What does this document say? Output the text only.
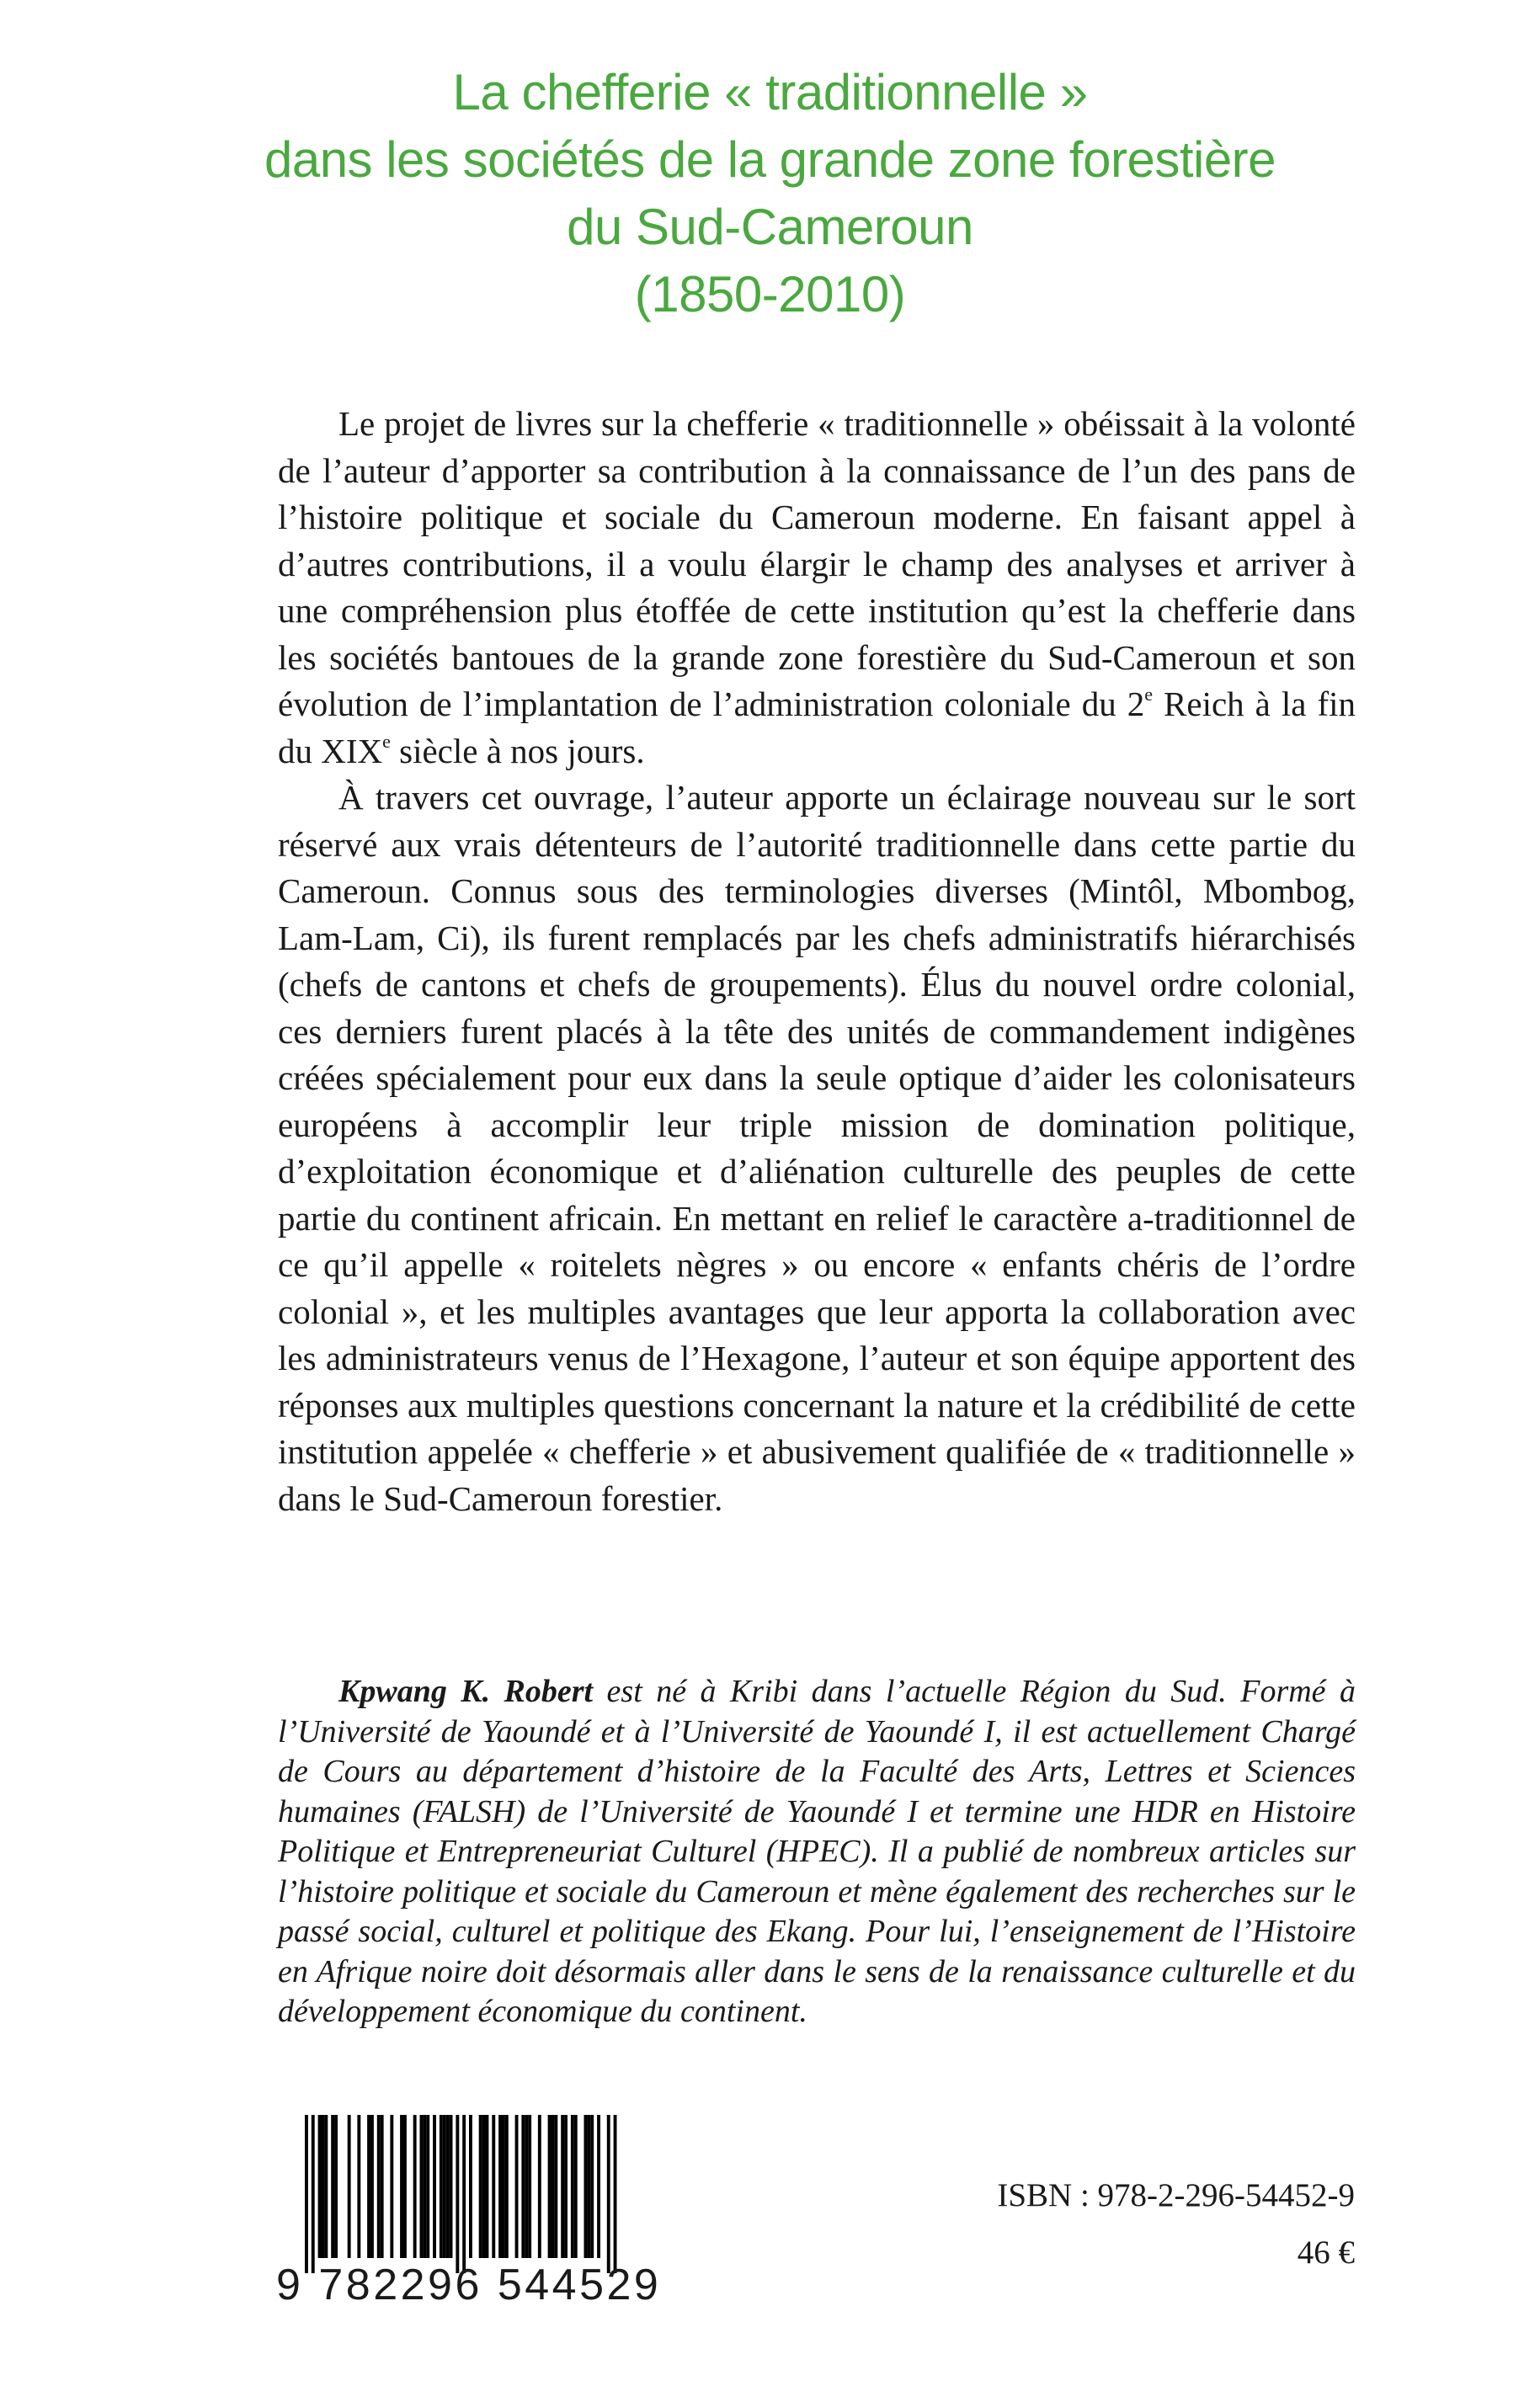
La chefferie « traditionnelle »
dans les sociétés de la grande zone forestière
du Sud-Cameroun
(1850-2010)

Le projet de livres sur la chefferie « traditionnelle » obéissait à la volonté de l’auteur d’apporter sa contribution à la connaissance de l’un des pans de l’histoire politique et sociale du Cameroun moderne. En faisant appel à d’autres contributions, il a voulu élargir le champ des analyses et arriver à une compréhension plus étoffée de cette institution qu’est la chefferie dans les sociétés bantoues de la grande zone forestière du Sud-Cameroun et son évolution de l’implantation de l’administration coloniale du 2e Reich à la fin du XIXe siècle à nos jours.

À travers cet ouvrage, l’auteur apporte un éclairage nouveau sur le sort réservé aux vrais détenteurs de l’autorité traditionnelle dans cette partie du Cameroun. Connus sous des terminologies diverses (Mintôl, Mbombog, Lam-Lam, Ci), ils furent remplacés par les chefs administratifs hiérarchisés (chefs de cantons et chefs de groupements). Élus du nouvel ordre colonial, ces derniers furent placés à la tête des unités de commandement indigènes créées spécialement pour eux dans la seule optique d’aider les colonisateurs européens à accomplir leur triple mission de domination politique, d’exploitation économique et d’aliénation culturelle des peuples de cette partie du continent africain. En mettant en relief le caractère a-traditionnel de ce qu’il appelle « roitelets nègres » ou encore « enfants chéris de l’ordre colonial », et les multiples avantages que leur apporta la collaboration avec les administrateurs venus de l’Hexagone, l’auteur et son équipe apportent des réponses aux multiples questions concernant la nature et la crédibilité de cette institution appelée « chefferie » et abusivement qualifiée de « traditionnelle » dans le Sud-Cameroun forestier.

Kpwang K. Robert est né à Kribi dans l’actuelle Région du Sud. Formé à l’Université de Yaoundé et à l’Université de Yaoundé I, il est actuellement Chargé de Cours au département d’histoire de la Faculté des Arts, Lettres et Sciences humaines (FALSH) de l’Université de Yaoundé I et termine une HDR en Histoire Politique et Entrepreneuriat Culturel (HPEC). Il a publié de nombreux articles sur l’histoire politique et sociale du Cameroun et mène également des recherches sur le passé social, culturel et politique des Ekang. Pour lui, l’enseignement de l’Histoire en Afrique noire doit désormais aller dans le sens de la renaissance culturelle et du développement économique du continent.
9 782296 544529
ISBN : 978-2-296-54452-9
46 €
